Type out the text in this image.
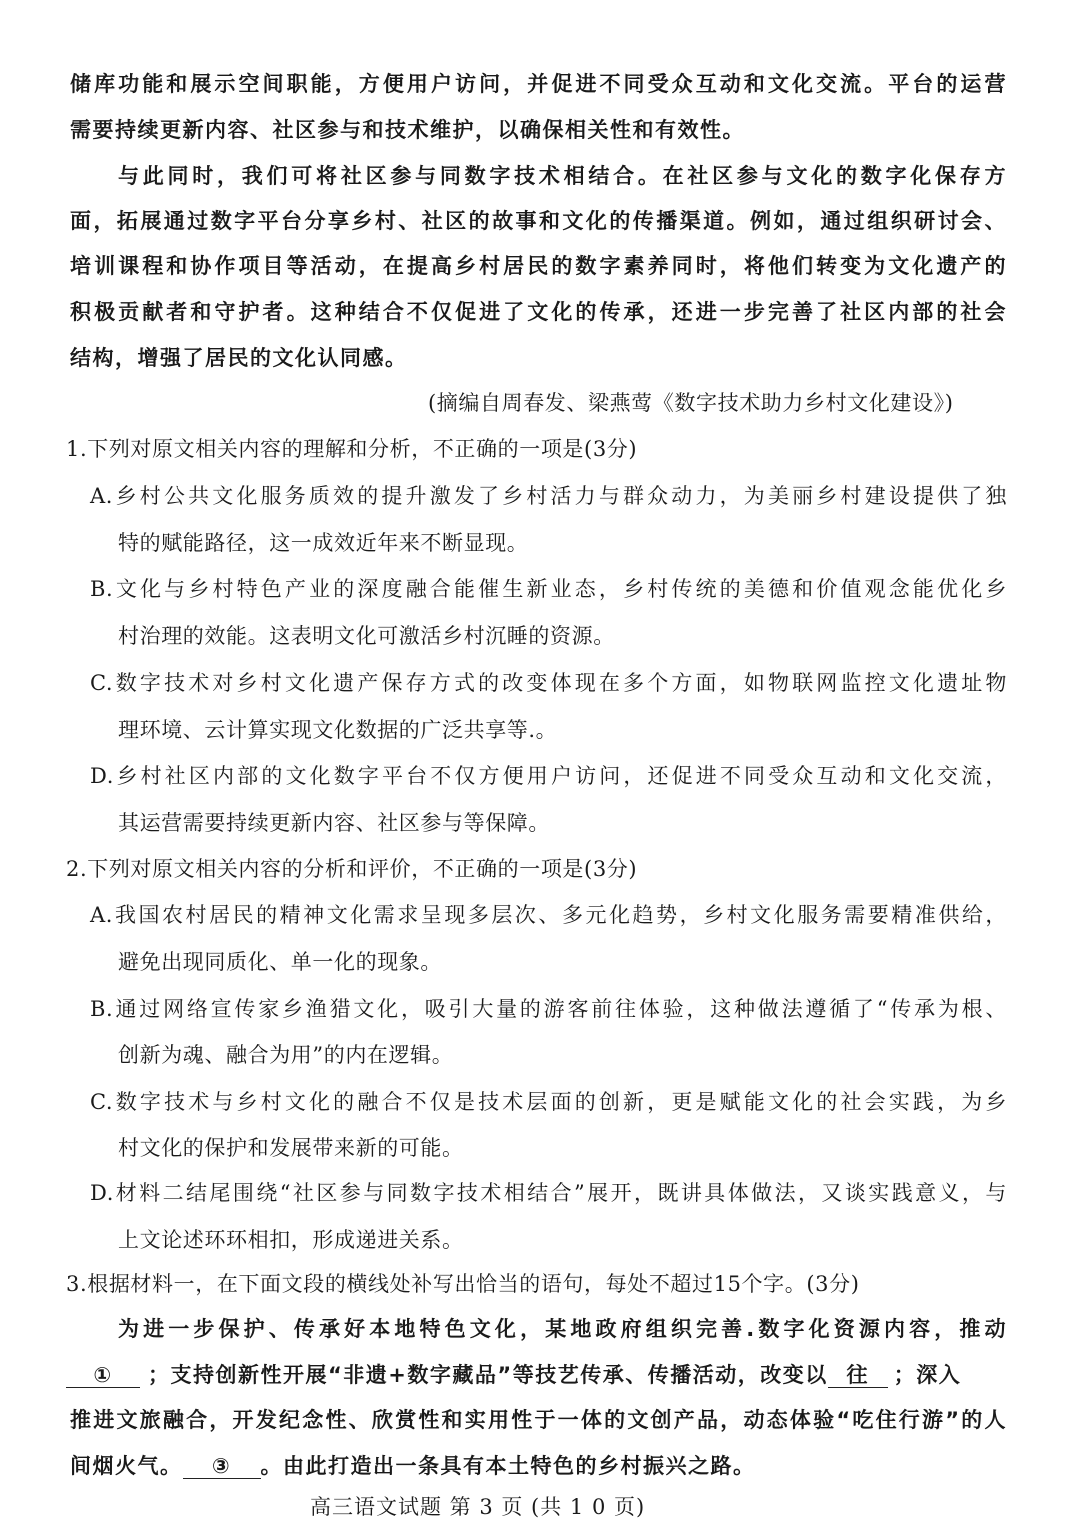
储库功能和展示空间职能，方便用户访问，并促进不同受众互动和文化交流。平台的运营
需要持续更新内容、社区参与和技术维护，以确保相关性和有效性。
与此同时，我们可将社区参与同数字技术相结合。在社区参与文化的数字化保存方
面，拓展通过数字平台分享乡村、社区的故事和文化的传播渠道。例如，通过组织研讨会、
培训课程和协作项目等活动，在提高乡村居民的数字素养同时，将他们转变为文化遗产的
积极贡献者和守护者。这种结合不仅促进了文化的传承，还进一步完善了社区内部的社会
结构，增强了居民的文化认同感。
(摘编自周春发、梁燕莺《数字技术助力乡村文化建设》)
1.下列对原文相关内容的理解和分析，不正确的一项是(3分)
A.乡村公共文化服务质效的提升激发了乡村活力与群众动力，为美丽乡村建设提供了独
特的赋能路径，这一成效近年来不断显现。
B.文化与乡村特色产业的深度融合能催生新业态，乡村传统的美德和价值观念能优化乡
村治理的效能。这表明文化可激活乡村沉睡的资源。
C.数字技术对乡村文化遗产保存方式的改变体现在多个方面，如物联网监控文化遗址物
理环境、云计算实现文化数据的广泛共享等.。
D.乡村社区内部的文化数字平台不仅方便用户访问，还促进不同受众互动和文化交流，
其运营需要持续更新内容、社区参与等保障。
2.下列对原文相关内容的分析和评价，不正确的一项是(3分)
A.我国农村居民的精神文化需求呈现多层次、多元化趋势，乡村文化服务需要精准供给，
避免出现同质化、单一化的现象。
B.通过网络宣传家乡渔猎文化，吸引大量的游客前往体验，这种做法遵循了“传承为根、
创新为魂、融合为用”的内在逻辑。
C.数字技术与乡村文化的融合不仅是技术层面的创新，更是赋能文化的社会实践，为乡
村文化的保护和发展带来新的可能。
D.材料二结尾围绕“社区参与同数字技术相结合”展开，既讲具体做法，又谈实践意义，与
上文论述环环相扣，形成递进关系。
3.根据材料一，在下面文段的横线处补写出恰当的语句，每处不超过15个字。(3分)
为进一步保护、传承好本地特色文化，某地政府组织完善.数字化资源内容，推动
①	；支持创新性开展“非遗+数字藏品”等技艺传承、传播活动，改变以 往	；深入
推进文旅融合，开发纪念性、欣赏性和实用性于一体的文创产品，动态体验“吃住行游”的人
间烟火气。	③	。由此打造出一条具有本土特色的乡村振兴之路。
高三语文试题 第 3 页 (共 1 0 页)
